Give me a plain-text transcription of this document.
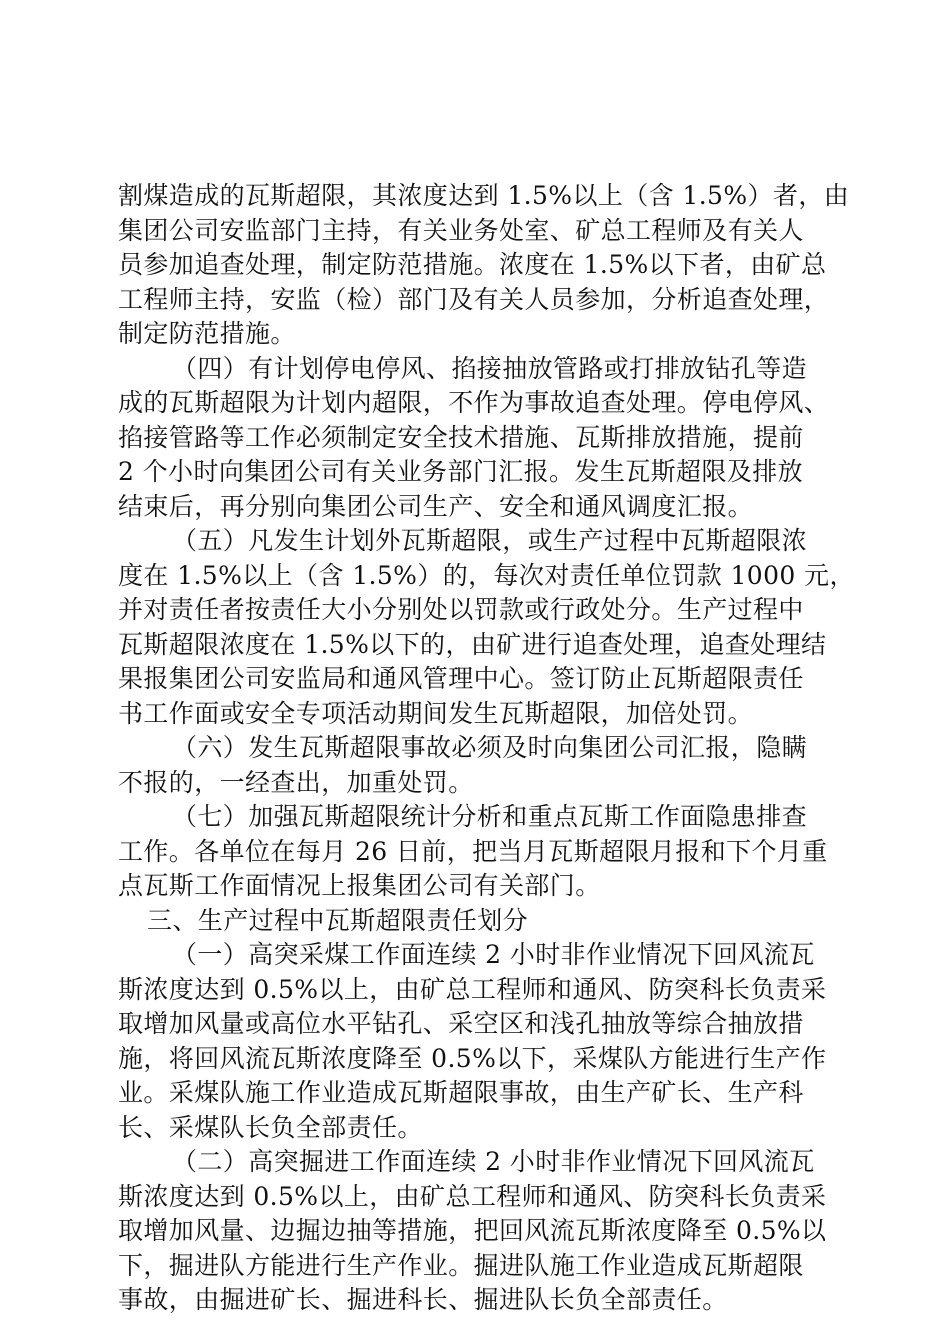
割煤造成的瓦斯超限，其浓度达到 1.5%以上（含 1.5%）者，由
集团公司安监部门主持，有关业务处室、矿总工程师及有关人
员参加追查处理，制定防范措施。浓度在 1.5%以下者，由矿总
工程师主持，安监（检）部门及有关人员参加，分析追查处理，
制定防范措施。
（四）有计划停电停风、掐接抽放管路或打排放钻孔等造
成的瓦斯超限为计划内超限，不作为事故追查处理。停电停风、
掐接管路等工作必须制定安全技术措施、瓦斯排放措施，提前
2 个小时向集团公司有关业务部门汇报。发生瓦斯超限及排放
结束后，再分别向集团公司生产、安全和通风调度汇报。
（五）凡发生计划外瓦斯超限，或生产过程中瓦斯超限浓
度在 1.5%以上（含 1.5%）的，每次对责任单位罚款 1000 元，
并对责任者按责任大小分别处以罚款或行政处分。生产过程中
瓦斯超限浓度在 1.5%以下的，由矿进行追查处理，追查处理结
果报集团公司安监局和通风管理中心。签订防止瓦斯超限责任
书工作面或安全专项活动期间发生瓦斯超限，加倍处罚。
（六）发生瓦斯超限事故必须及时向集团公司汇报，隐瞒
不报的，一经查出，加重处罚。
（七）加强瓦斯超限统计分析和重点瓦斯工作面隐患排查
工作。各单位在每月 26 日前，把当月瓦斯超限月报和下个月重
点瓦斯工作面情况上报集团公司有关部门。
三、生产过程中瓦斯超限责任划分
（一）高突采煤工作面连续 2 小时非作业情况下回风流瓦
斯浓度达到 0.5%以上，由矿总工程师和通风、防突科长负责采
取增加风量或高位水平钻孔、采空区和浅孔抽放等综合抽放措
施，将回风流瓦斯浓度降至 0.5%以下，采煤队方能进行生产作
业。采煤队施工作业造成瓦斯超限事故，由生产矿长、生产科
长、采煤队长负全部责任。
（二）高突掘进工作面连续 2 小时非作业情况下回风流瓦
斯浓度达到 0.5%以上，由矿总工程师和通风、防突科长负责采
取增加风量、边掘边抽等措施，把回风流瓦斯浓度降至 0.5%以
下，掘进队方能进行生产作业。掘进队施工作业造成瓦斯超限
事故，由掘进矿长、掘进科长、掘进队长负全部责任。
